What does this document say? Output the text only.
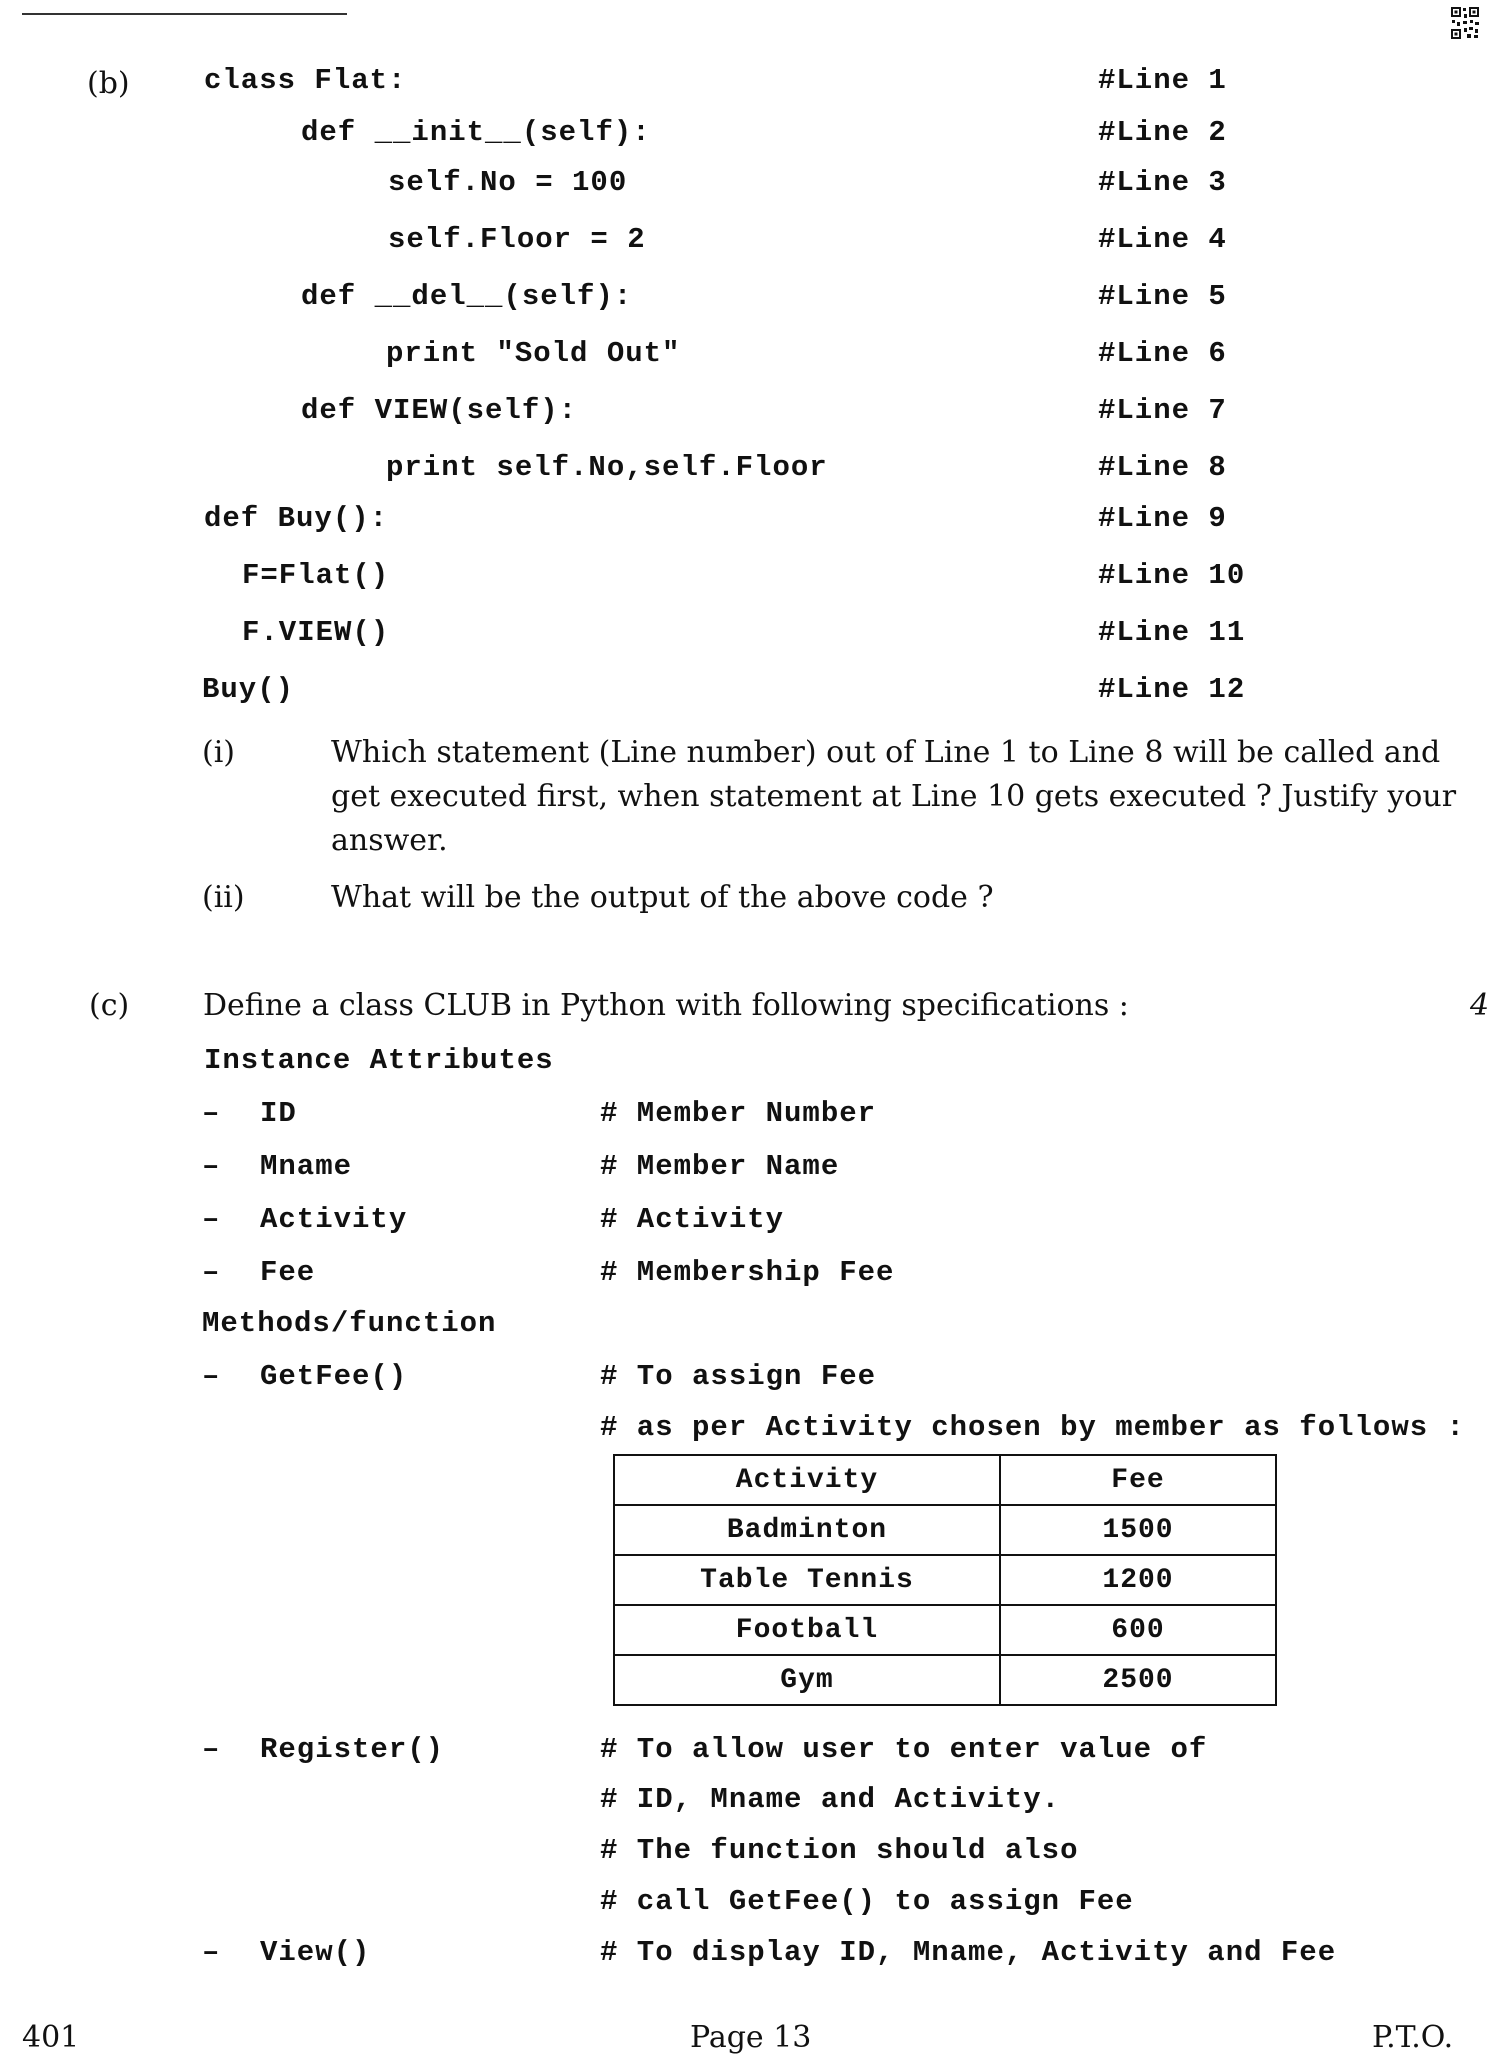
(b)	class Flat:	#Line 1
def __init__(self):	#Line 2
self.No = 100	#Line 3
self.Floor = 2	#Line 4
def __del__(self):	#Line 5
print "Sold Out"	#Line 6
def VIEW(self):	#Line 7
print self.No,self.Floor	#Line 8
def Buy():	#Line 9
F=Flat()	#Line 10
F.VIEW()	#Line 11
Buy()	#Line 12
(i)	Which statement (Line number) out of Line 1 to Line 8 will be called and
get executed first, when statement at Line 10 gets executed ? Justify your
answer.
(ii)	What will be the output of the above code ?
(c) Define a class CLUB in Python with following specifications :	4
Instance Attributes
– ID	# Member Number
– Mname	# Member Name
– Activity	# Activity
– Fee	# Membership Fee
Methods/function
– GetFee()	# To assign Fee
# as per Activity chosen by member as follows :
Activity	Fee
Badminton	1500
Table Tennis	1200
Football	600
Gym	2500
– Register()	# To allow user to enter value of
# ID, Mname and Activity.
# The function should also
# call GetFee() to assign Fee
– View()	# To display ID, Mname, Activity and Fee
401	Page 13	P.T.O.
